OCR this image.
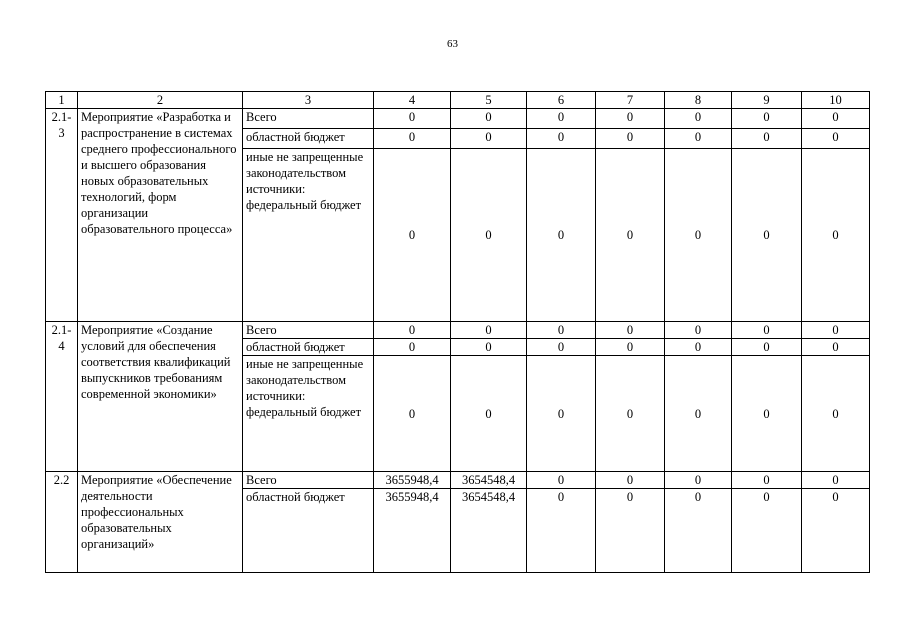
63
1	2	3	4	5	6	7	8	9	10
2.1-3	Мероприятие «Разработка и распространение в системах среднего профессионального и высшего образования новых образовательных технологий, форм организации образовательного процесса»	Всего	0	0	0	0	0	0	0
		областной бюджет	0	0	0	0	0	0	0
		иные не запрещенные законодательством источники: федеральный бюджет	0	0	0	0	0	0	0
2.1-4	Мероприятие «Создание условий для обеспечения соответствия квалификаций выпускников требованиям современной экономики»	Всего	0	0	0	0	0	0	0
		областной бюджет	0	0	0	0	0	0	0
		иные не запрещенные законодательством источники: федеральный бюджет	0	0	0	0	0	0	0
2.2	Мероприятие «Обеспечение деятельности профессиональных образовательных организаций»	Всего	3655948,4	3654548,4	0	0	0	0	0
		областной бюджет	3655948,4	3654548,4	0	0	0	0	0
